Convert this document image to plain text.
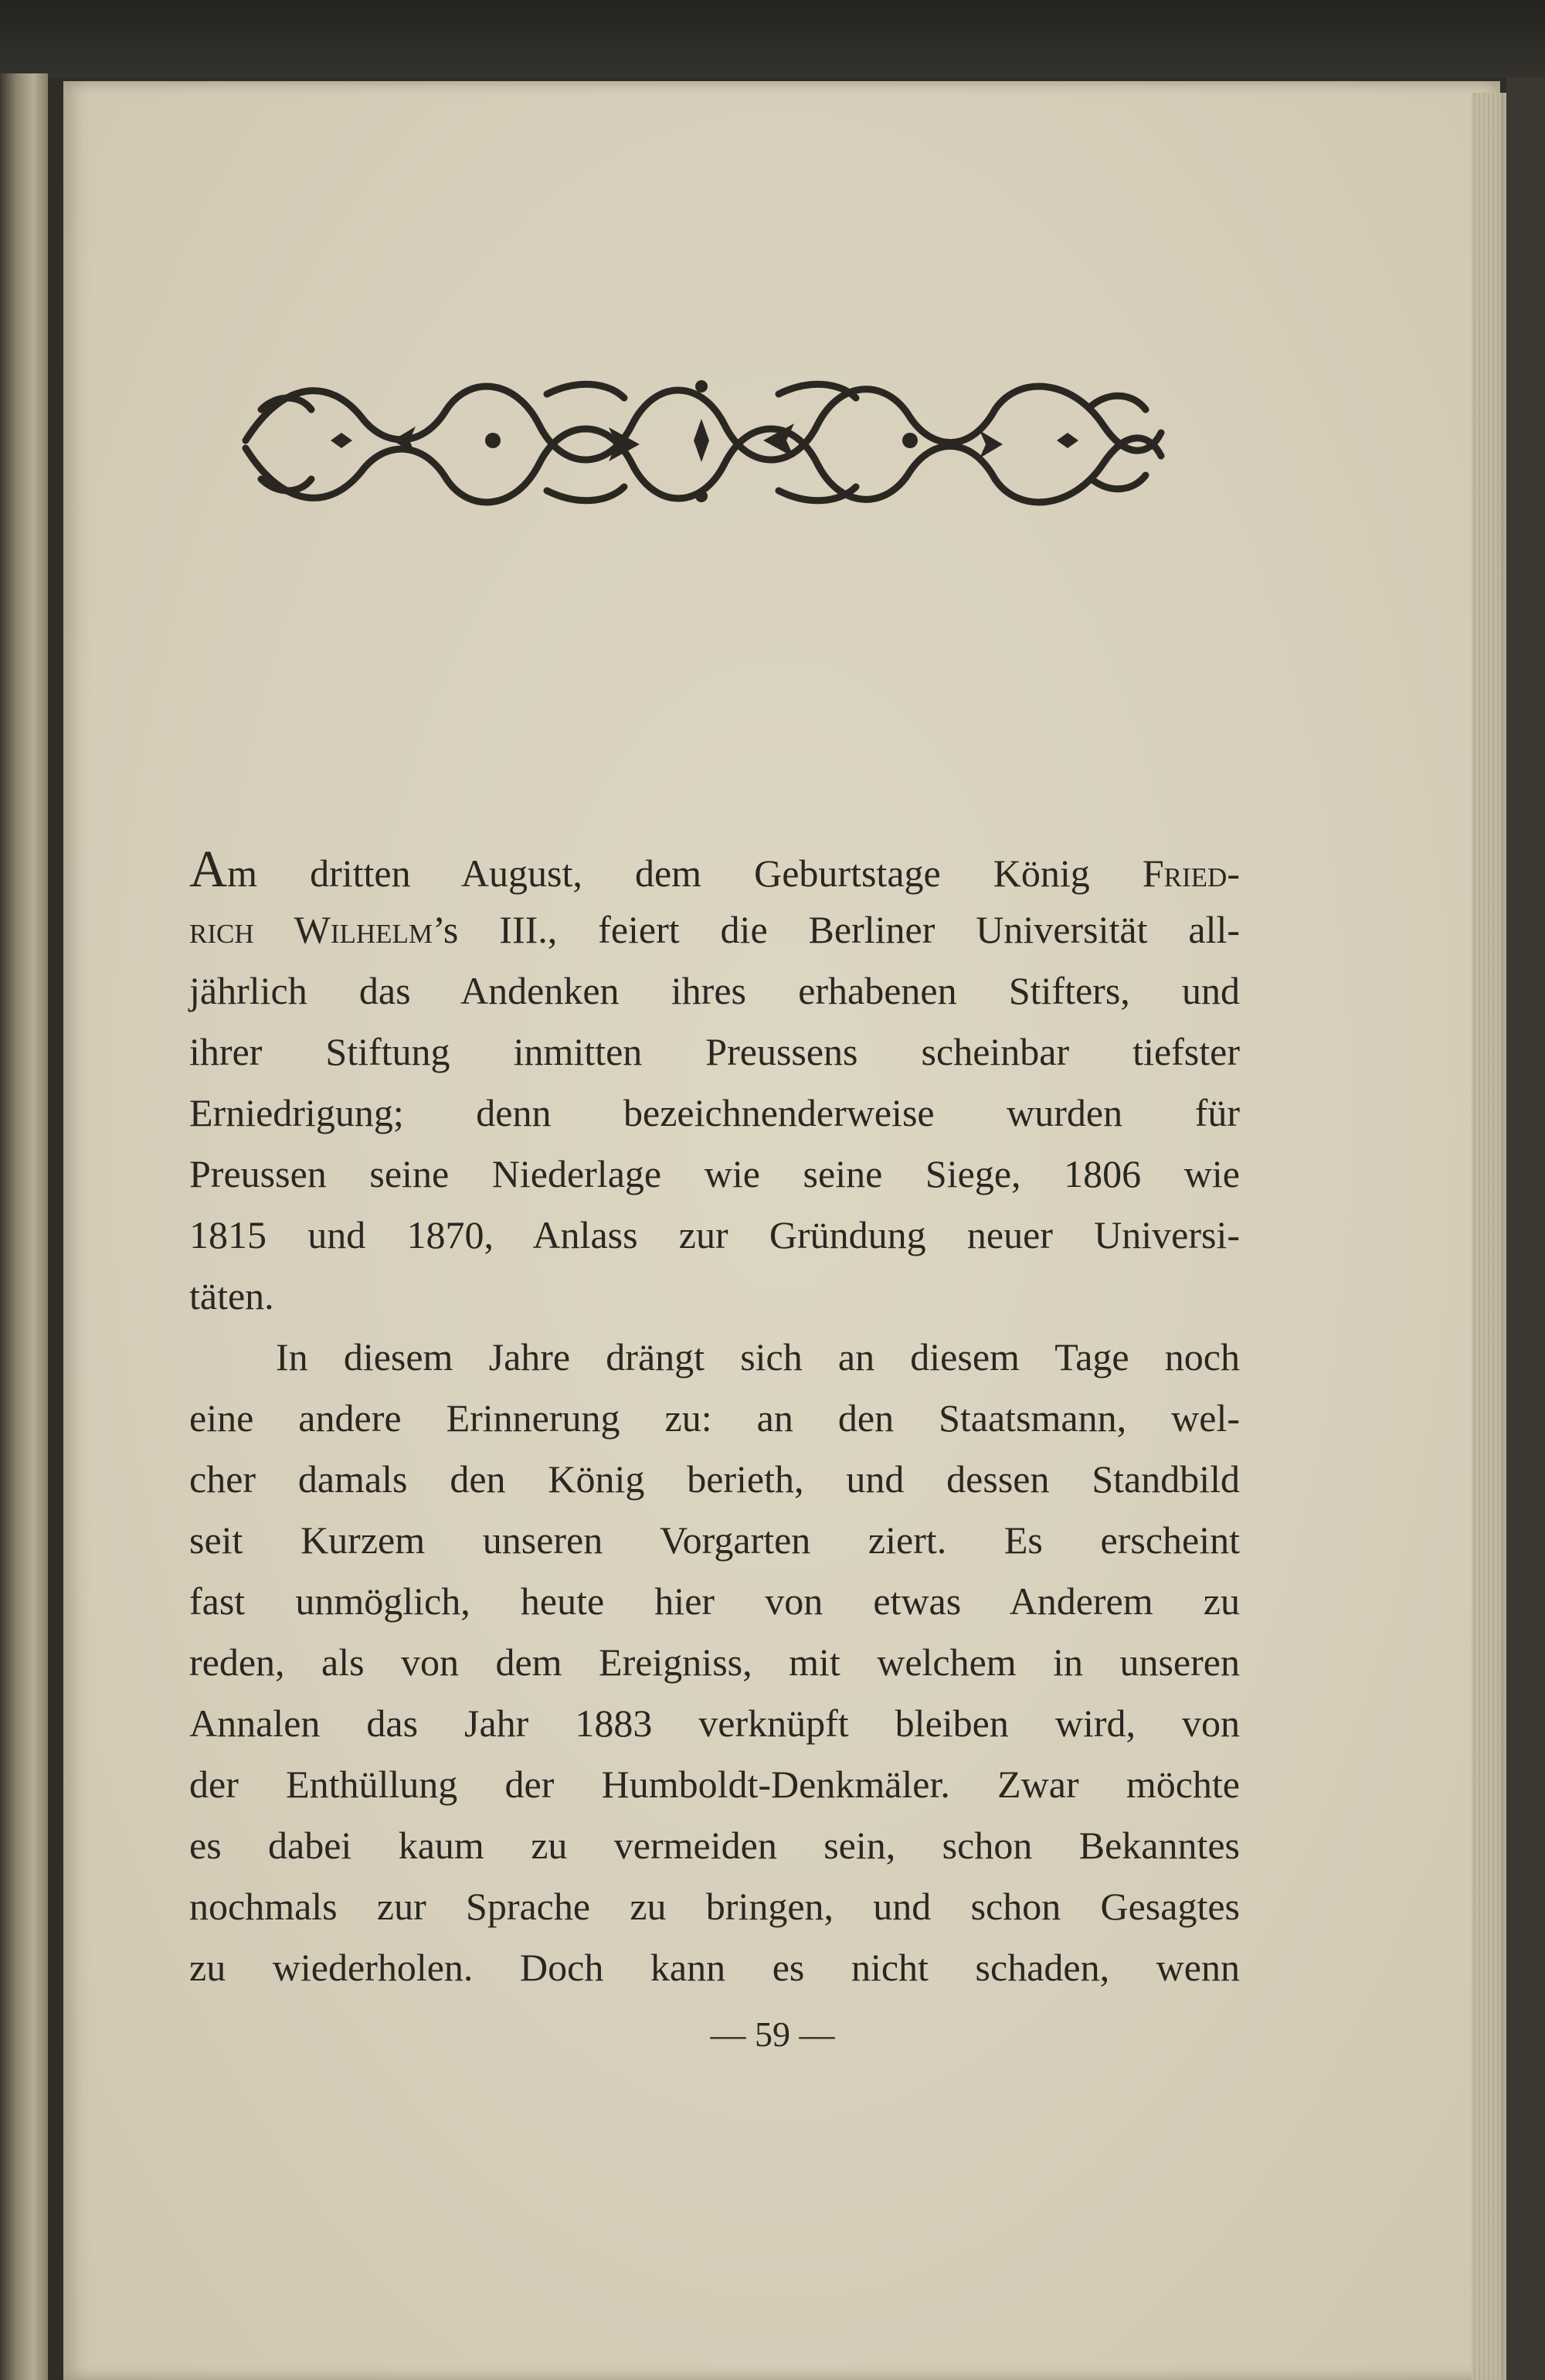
Am dritten August, dem Geburtstage König Fried-
rich Wilhelm’s III., feiert die Berliner Universität all-
jährlich das Andenken ihres erhabenen Stifters, und
ihrer Stiftung inmitten Preussens scheinbar tiefster
Erniedrigung; denn bezeichnenderweise wurden für
Preussen seine Niederlage wie seine Siege, 1806 wie
1815 und 1870, Anlass zur Gründung neuer Universi-
täten.
In diesem Jahre drängt sich an diesem Tage noch
eine andere Erinnerung zu: an den Staatsmann, wel-
cher damals den König berieth, und dessen Standbild
seit Kurzem unseren Vorgarten ziert. Es erscheint
fast unmöglich, heute hier von etwas Anderem zu
reden, als von dem Ereigniss, mit welchem in unseren
Annalen das Jahr 1883 verknüpft bleiben wird, von
der Enthüllung der Humboldt-Denkmäler. Zwar möchte
es dabei kaum zu vermeiden sein, schon Bekanntes
nochmals zur Sprache zu bringen, und schon Gesagtes
zu wiederholen. Doch kann es nicht schaden, wenn
— 59 —
